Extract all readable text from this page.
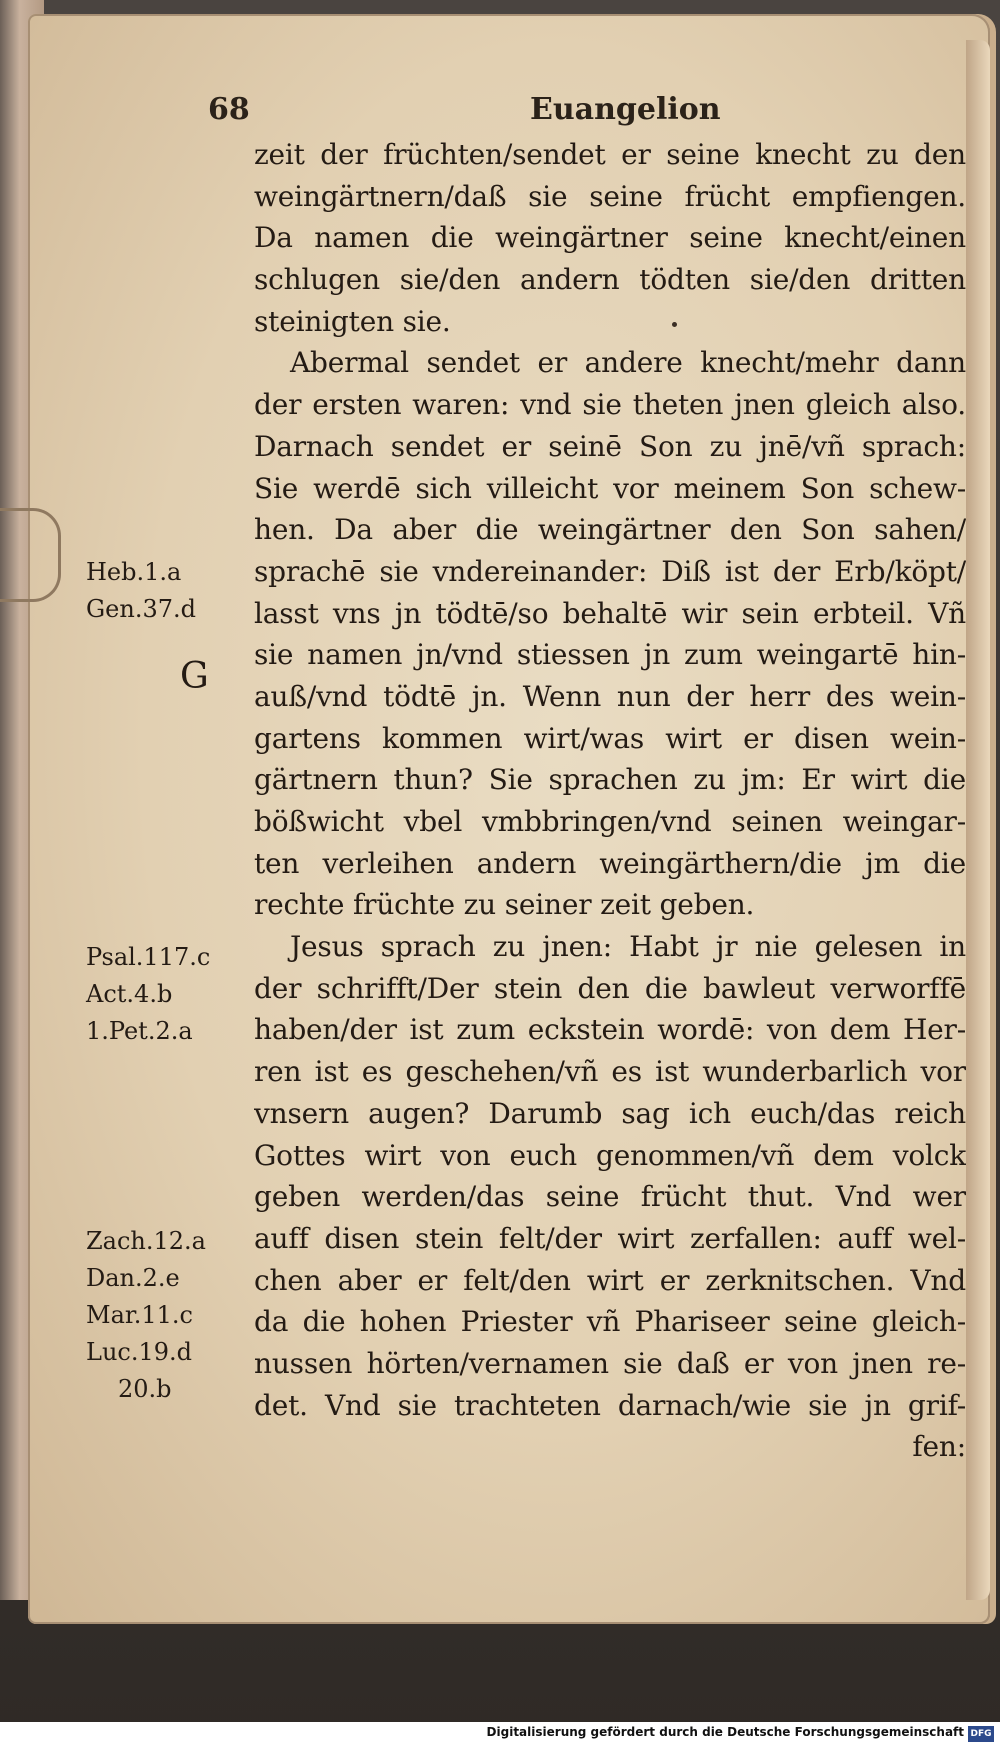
68	Euangelion
zeit der früchten/sendet er seine knecht zu den
weingärtnern/daß sie seine frücht empfiengen.
Da namen die weingärtner seine knecht/einen
schlugen sie/den andern tödten sie/den dritten
steinigten sie.
Abermal sendet er andere knecht/mehr dann
der ersten waren: vnd sie theten jnen gleich also.
Darnach sendet er seinē Son zu jnē/vñ sprach:
Sie werdē sich villeicht vor meinem Son schew-
hen. Da aber die weingärtner den Son sahen/
sprachē sie vndereinander: Diß ist der Erb/köpt/
lasst vns jn tödtē/so behaltē wir sein erbteil. Vñ
sie namen jn/vnd stiessen jn zum weingartē hin-
auß/vnd tödtē jn. Wenn nun der herr des wein-
gartens kommen wirt/was wirt er disen wein-
gärtnern thun? Sie sprachen zu jm: Er wirt die
bößwicht vbel vmbbringen/vnd seinen weingar-
ten verleihen andern weingärthern/die jm die
rechte früchte zu seiner zeit geben.
Jesus sprach zu jnen: Habt jr nie gelesen in
der schrifft/Der stein den die bawleut verworffē
haben/der ist zum eckstein wordē: von dem Her-
ren ist es geschehen/vñ es ist wunderbarlich vor
vnsern augen? Darumb sag ich euch/das reich
Gottes wirt von euch genommen/vñ dem volck
geben werden/das seine frücht thut. Vnd wer
auff disen stein felt/der wirt zerfallen: auff wel-
chen aber er felt/den wirt er zerknitschen. Vnd
da die hohen Priester vñ Phariseer seine gleich-
nussen hörten/vernamen sie daß er von jnen re-
det. Vnd sie trachteten darnach/wie sie jn grif-
fen:
Heb.1.a
Gen.37.d
G
Psal.117.c
Act.4.b
1.Pet.2.a
Zach.12.a
Dan.2.e
Mar.11.c
Luc.19.d
20.b
Digitalisierung gefördert durch die Deutsche Forschungsgemeinschaft DFG
